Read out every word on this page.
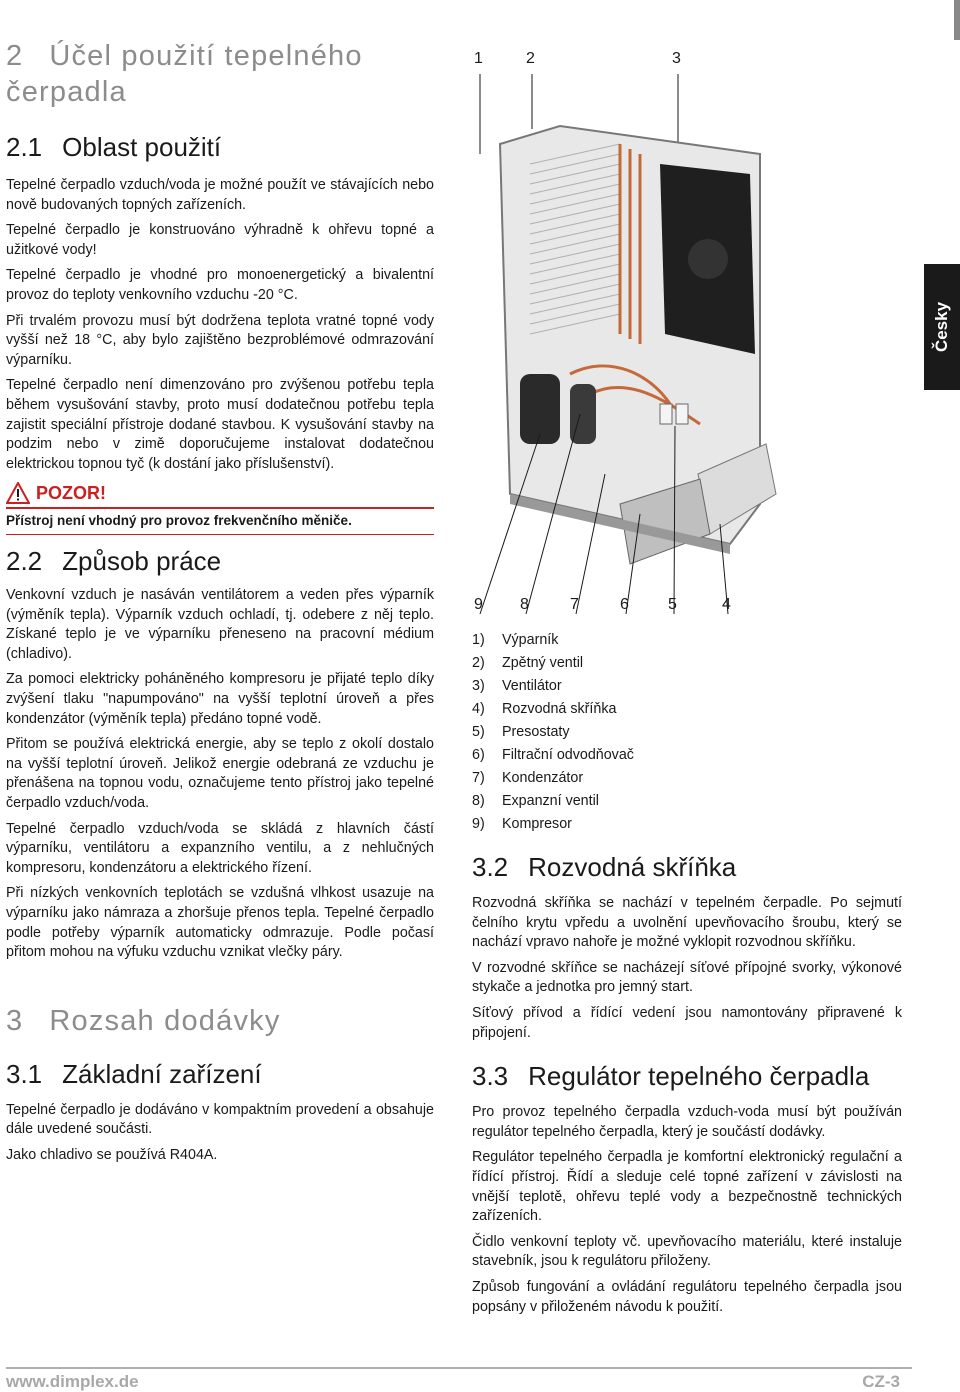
2 Účel použití tepelného
čerpadla
2.1 Oblast použití

Tepelné čerpadlo vzduch/voda je možné použít ve stávajících nebo nově budovaných topných zařízeních.

Tepelné čerpadlo je konstruováno výhradně k ohřevu topné a užitkové vody!

Tepelné čerpadlo je vhodné pro monoenergetický a bivalentní provoz do teploty venkovního vzduchu -20 °C.

Při trvalém provozu musí být dodržena teplota vratné topné vody vyšší než 18 °C, aby bylo zajištěno bezproblémové odmrazování výparníku.

Tepelné čerpadlo není dimenzováno pro zvýšenou potřebu tepla během vysušování stavby, proto musí dodatečnou potřebu tepla zajistit speciální přístroje dodané stavbou. K vysušování stavby na podzim nebo v zimě doporučujeme instalovat dodatečnou elektrickou topnou tyč (k dostání jako příslušenství).

POZOR!

Přístroj není vhodný pro provoz frekvenčního měniče.

2.2 Způsob práce

Venkovní vzduch je nasáván ventilátorem a veden přes výparník (výměník tepla). Výparník vzduch ochladí, tj. odebere z něj teplo. Získané teplo je ve výparníku přeneseno na pracovní médium (chladivo).

Za pomoci elektricky poháněného kompresoru je přijaté teplo díky zvýšení tlaku "napumpováno" na vyšší teplotní úroveň a přes kondenzátor (výměník tepla) předáno topné vodě.

Přitom se používá elektrická energie, aby se teplo z okolí dostalo na vyšší teplotní úroveň. Jelikož energie odebraná ze vzduchu je přenášena na topnou vodu, označujeme tento přístroj jako tepelné čerpadlo vzduch/voda.

Tepelné čerpadlo vzduch/voda se skládá z hlavních částí výparníku, ventilátoru a expanzního ventilu, a z nehlučných kompresoru, kondenzátoru a elektrického řízení.

Při nízkých venkovních teplotách se vzdušná vlhkost usazuje na výparníku jako námraza a zhoršuje přenos tepla. Tepelné čerpadlo podle potřeby výparník automaticky odmrazuje. Podle počasí přitom mohou na výfuku vzduchu vznikat vlečky páry.

3 Rozsah dodávky
3.1 Základní zařízení

Tepelné čerpadlo je dodáváno v kompaktním provedení a obsahuje dále uvedené součásti.

Jako chladivo se používá R404A.

1	2	3
9 8	7	6 5	4
1)	Výparník
2)	Zpětný ventil
3)	Ventilátor
4)	Rozvodná skříňka
5)	Presostaty
6)	Filtrační odvodňovač
7)	Kondenzátor
8)	Expanzní ventil
9)	Kompresor
3.2 Rozvodná skříňka

Rozvodná skříňka se nachází v tepelném čerpadle. Po sejmutí čelního krytu vpředu a uvolnění upevňovacího šroubu, který se nachází vpravo nahoře je možné vyklopit rozvodnou skříňku.

V rozvodné skříňce se nacházejí síťové přípojné svorky, výkonové stykače a jednotka pro jemný start.

Síťový přívod a řídící vedení jsou namontovány připravené k připojení.

3.3 Regulátor tepelného čerpadla

Pro provoz tepelného čerpadla vzduch-voda musí být používán regulátor tepelného čerpadla, který je součástí dodávky.

Regulátor tepelného čerpadla je komfortní elektronický regulační a řídící přístroj. Řídí a sleduje celé topné zařízení v závislosti na vnější teplotě, ohřevu teplé vody a bezpečnostně technických zařízeních.

Čidlo venkovní teploty vč. upevňovacího materiálu, které instaluje stavebník, jsou k regulátoru přiloženy.

Způsob fungování a ovládání regulátoru tepelného čerpadla jsou popsány v přiloženém návodu k použití.

Česky
www.dimplex.de	CZ-3
